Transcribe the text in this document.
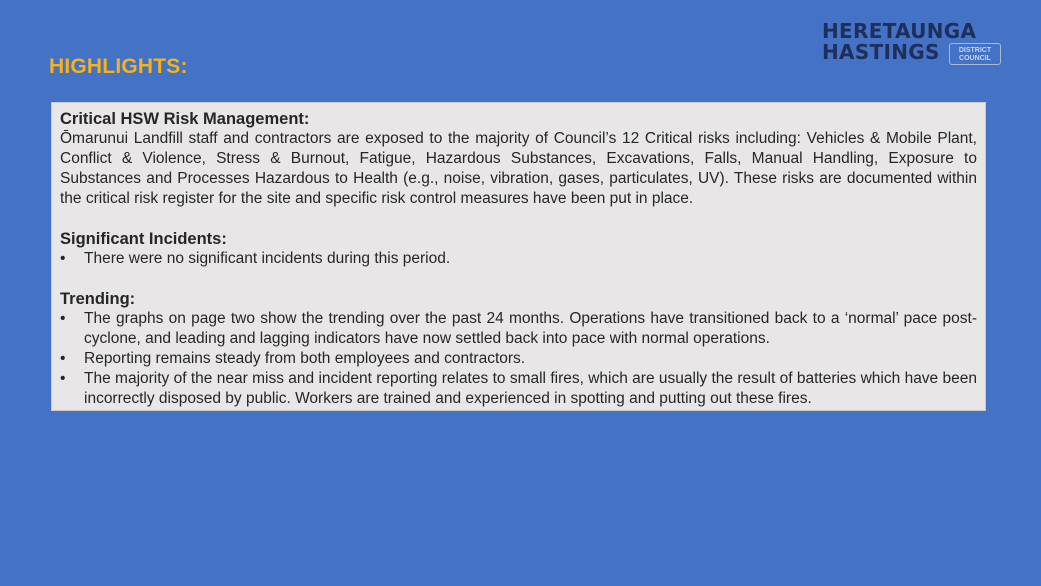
HIGHLIGHTS:
HERETAUNGA
HASTINGS	DISTRICT
COUNCIL

Critical HSW Risk Management:

Ōmarunui Landfill staff and contractors are exposed to the majority of Council’s 12 Critical risks including: Vehicles & Mobile Plant, Conflict & Violence, Stress & Burnout, Fatigue, Hazardous Substances, Excavations, Falls, Manual Handling, Exposure to Substances and Processes Hazardous to Health (e.g., noise, vibration, gases, particulates, UV). These risks are documented within the critical risk register for the site and specific risk control measures have been put in place.

Significant Incidents:

• There were no significant incidents during this period.

Trending:

• The graphs on page two show the trending over the past 24 months. Operations have transitioned back to a ‘normal’ pace post-cyclone, and leading and lagging indicators have now settled back into pace with normal operations.
• Reporting remains steady from both employees and contractors.
• The majority of the near miss and incident reporting relates to small fires, which are usually the result of batteries which have been incorrectly disposed by public. Workers are trained and experienced in spotting and putting out these fires.
